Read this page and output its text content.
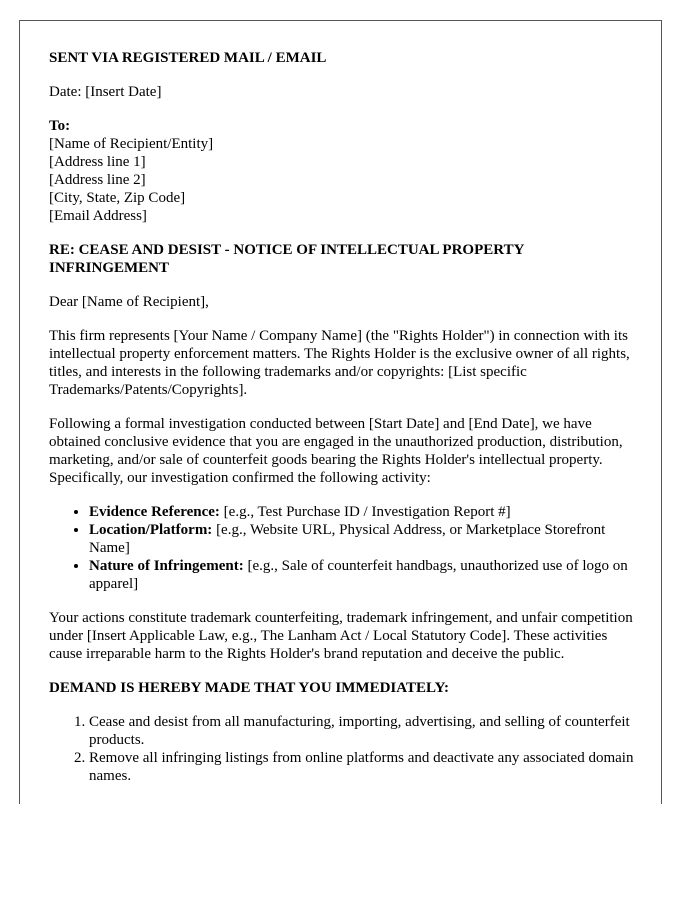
SENT VIA REGISTERED MAIL / EMAIL
Date: [Insert Date]
To:
[Name of Recipient/Entity]
[Address line 1]
[Address line 2]
[City, State, Zip Code]
[Email Address]
RE: CEASE AND DESIST - NOTICE OF INTELLECTUAL PROPERTY INFRINGEMENT
Dear [Name of Recipient],
This firm represents [Your Name / Company Name] (the "Rights Holder") in connection with its intellectual property enforcement matters. The Rights Holder is the exclusive owner of all rights, titles, and interests in the following trademarks and/or copyrights: [List specific Trademarks/Patents/Copyrights].
Following a formal investigation conducted between [Start Date] and [End Date], we have obtained conclusive evidence that you are engaged in the unauthorized production, distribution, marketing, and/or sale of counterfeit goods bearing the Rights Holder's intellectual property. Specifically, our investigation confirmed the following activity:
• Evidence Reference: [e.g., Test Purchase ID / Investigation Report #]
• Location/Platform: [e.g., Website URL, Physical Address, or Marketplace Storefront Name]
• Nature of Infringement: [e.g., Sale of counterfeit handbags, unauthorized use of logo on apparel]
Your actions constitute trademark counterfeiting, trademark infringement, and unfair competition under [Insert Applicable Law, e.g., The Lanham Act / Local Statutory Code]. These activities cause irreparable harm to the Rights Holder's brand reputation and deceive the public.
DEMAND IS HEREBY MADE THAT YOU IMMEDIATELY:
1. Cease and desist from all manufacturing, importing, advertising, and selling of counterfeit products.
2. Remove all infringing listings from online platforms and deactivate any associated domain names.
